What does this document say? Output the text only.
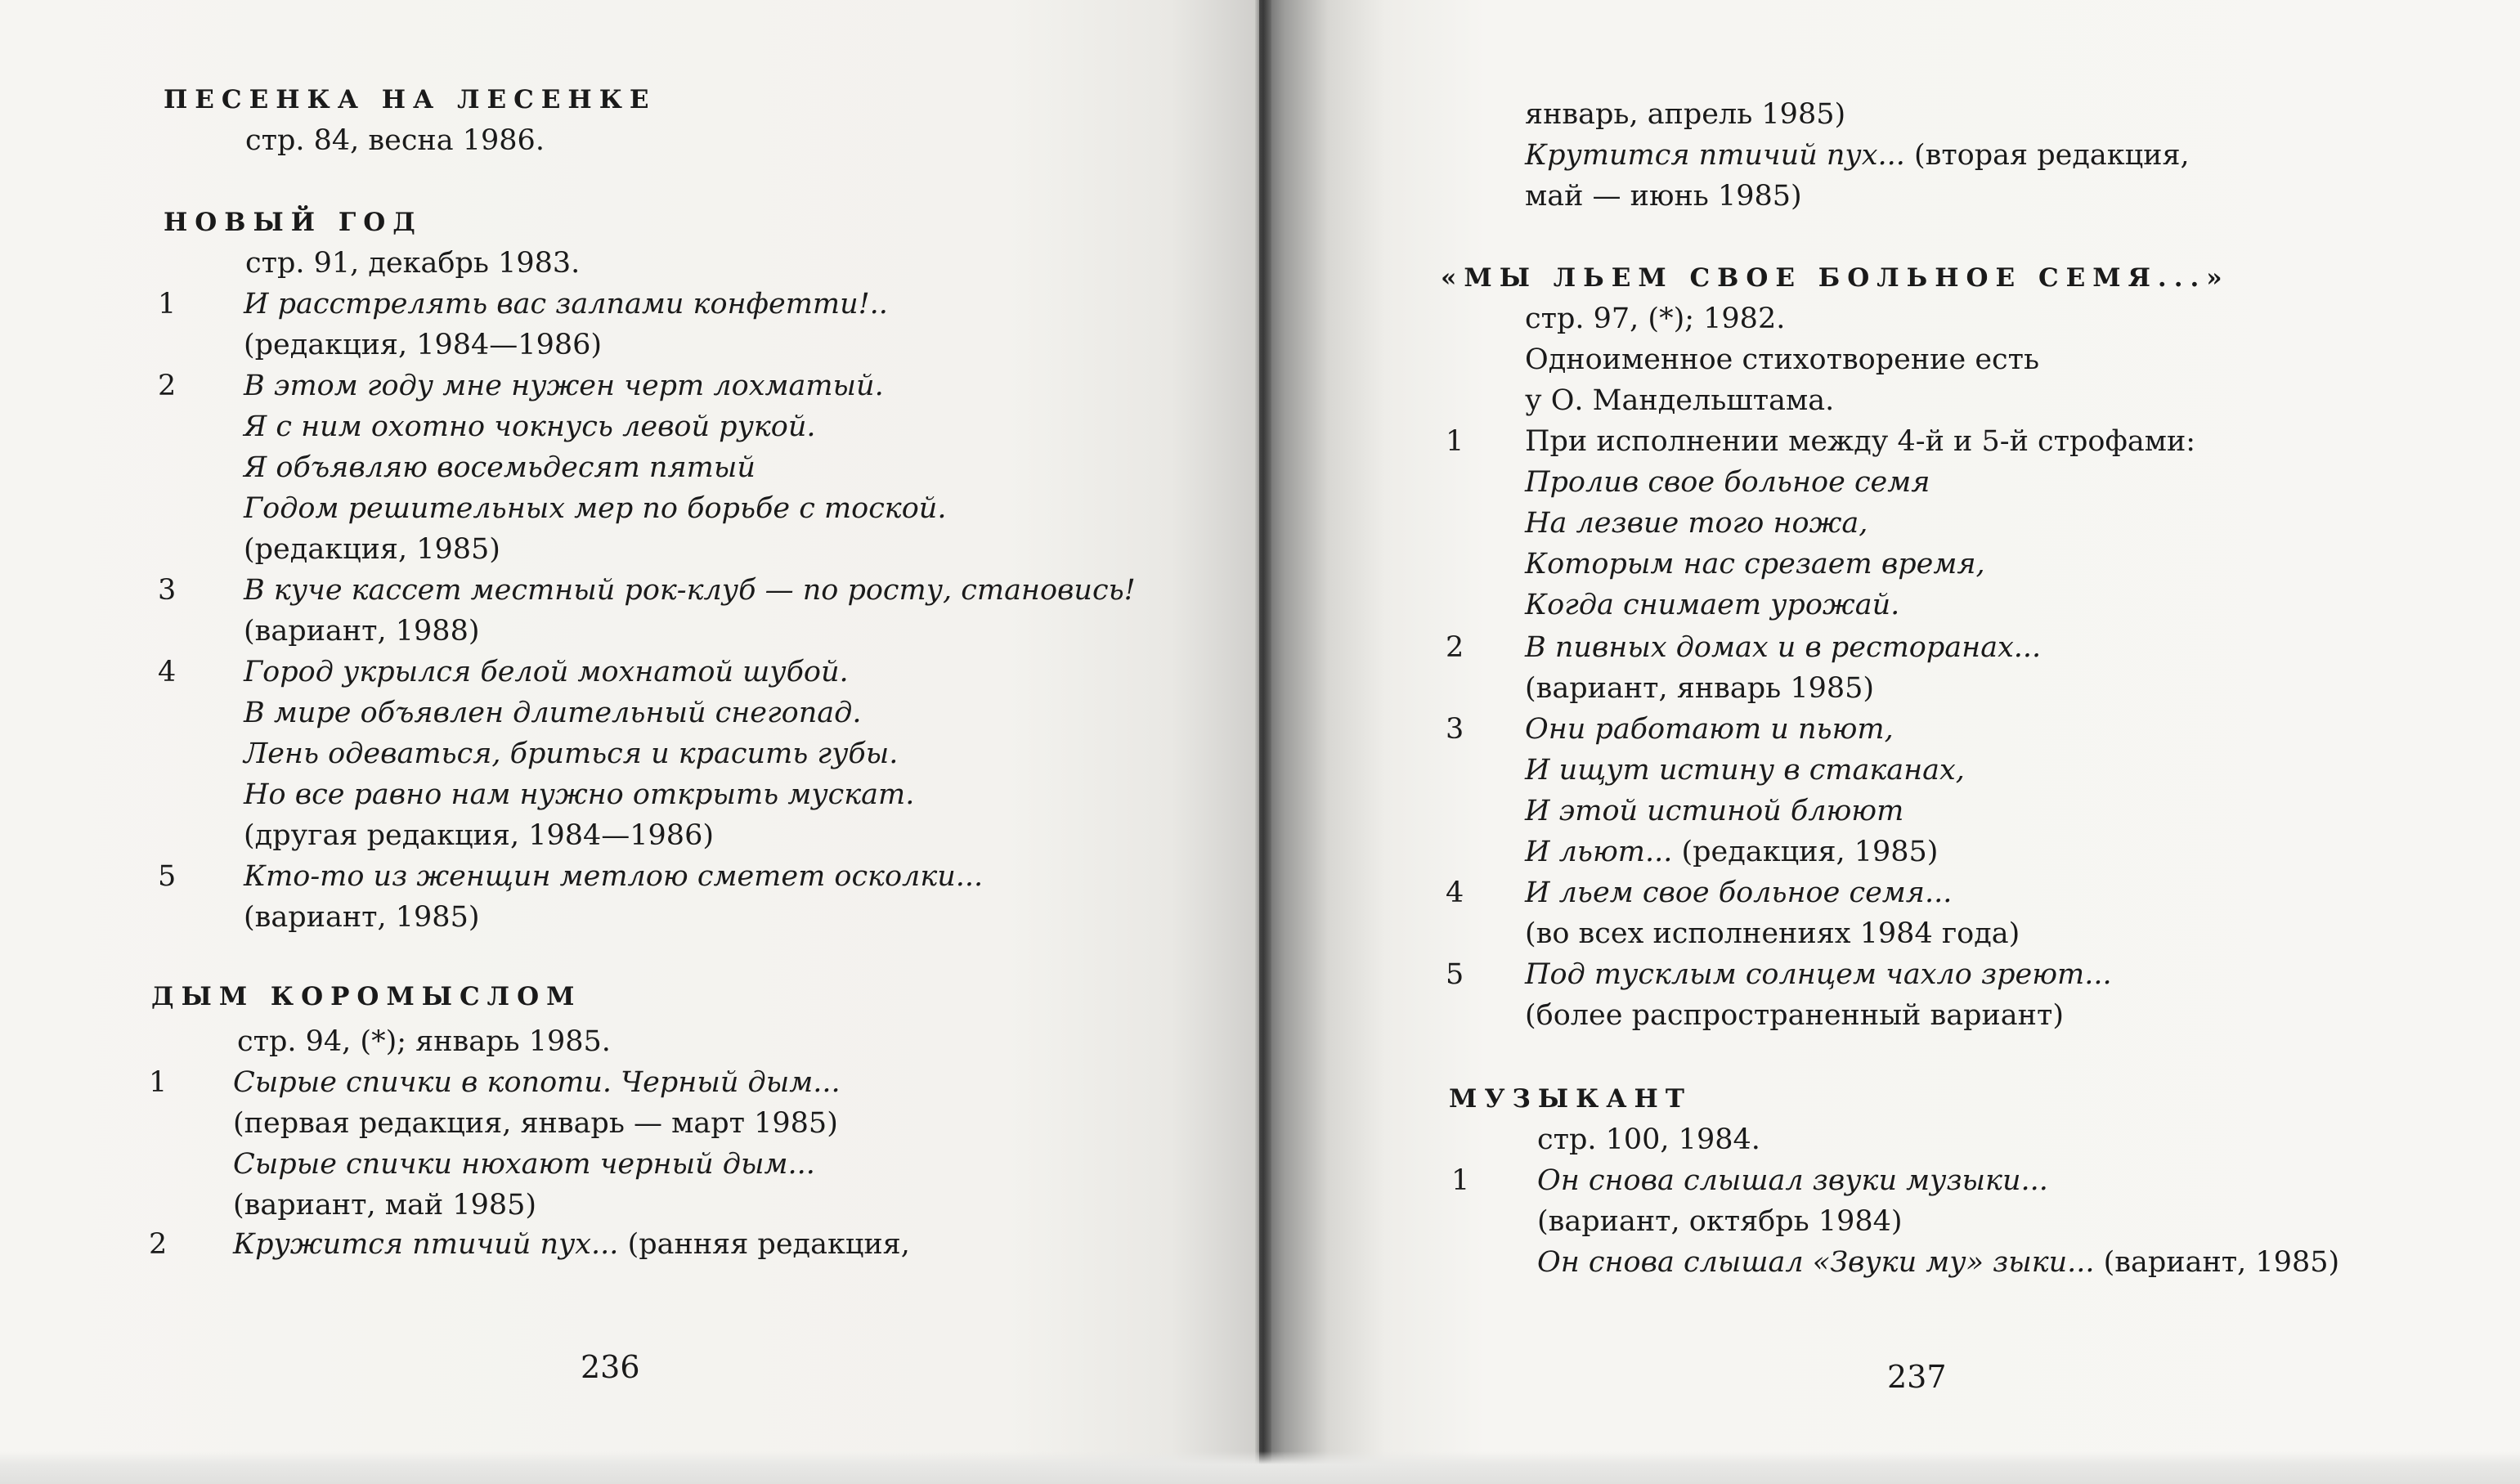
ПЕСЕНКА НА ЛЕСЕНКЕ
стр. 84, весна 1986.
НОВЫЙ ГОД
стр. 91, декабрь 1983.
1 И расстрелять вас залпами конфетти!..
(редакция, 1984—1986)
2 В этом году мне нужен черт лохматый.
Я с ним охотно чокнусь левой рукой.
Я объявляю восемьдесят пятый
Годом решительных мер по борьбе с тоской.
(редакция, 1985)
3 В куче кассет местный рок-клуб — по росту, становись!
(вариант, 1988)
4 Город укрылся белой мохнатой шубой.
В мире объявлен длительный снегопад.
Лень одеваться, бриться и красить губы.
Но все равно нам нужно открыть мускат.
(другая редакция, 1984—1986)
5 Кто-то из женщин метлою сметет осколки...
(вариант, 1985)
ДЫМ КОРОМЫСЛОМ
стр. 94, (*); январь 1985.
1 Сырые спички в копоти. Черный дым...
(первая редакция, январь — март 1985)
Сырые спички нюхают черный дым...
(вариант, май 1985)
2 Кружится птичий пух... (ранняя редакция,
236
январь, апрель 1985)
Крутится птичий пух... (вторая редакция,
май — июнь 1985)
«МЫ ЛЬЕМ СВОЕ БОЛЬНОЕ СЕМЯ...»
стр. 97, (*); 1982.
Одноименное стихотворение есть
у О. Мандельштама.
1 При исполнении между 4-й и 5-й строфами:
Пролив свое больное семя
На лезвие того ножа,
Которым нас срезает время,
Когда снимает урожай.
2 В пивных домах и в ресторанах...
(вариант, январь 1985)
3 Они работают и пьют,
И ищут истину в стаканах,
И этой истиной блюют
И льют... (редакция, 1985)
4 И льем свое больное семя...
(во всех исполнениях 1984 года)
5 Под тусклым солнцем чахло зреют...
(более распространенный вариант)
МУЗЫКАНТ
стр. 100, 1984.
1 Он снова слышал звуки музыки...
(вариант, октябрь 1984)
Он снова слышал «Звуки му» зыки... (вариант, 1985)
237
